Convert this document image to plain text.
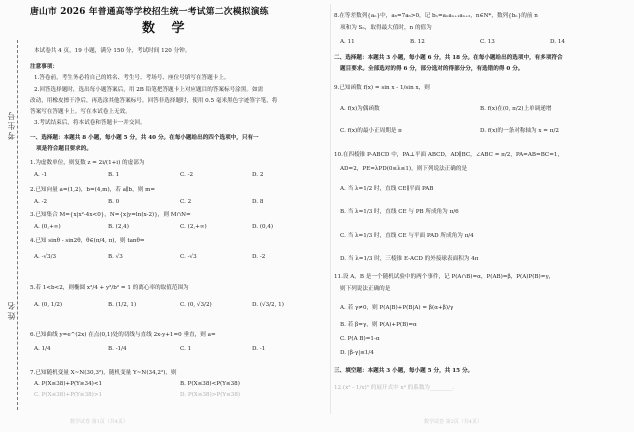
考生号
姓名
唐山市 2026 年普通高等学校招生统一考试第二次模拟演练
数 学
本试卷共 4 页，19 小题，满分 150 分，考试时间 120 分钟。
注意事项：
1.答卷前，考生务必将自己的姓名、考生号、考场号、座位号填写在答题卡上。
2.回答选择题时，选出每小题答案后，用 2B 铅笔把答题卡上对应题目的答案标号涂黑。如需
改动，用橡皮擦干净后，再选涂其他答案标号。回答非选择题时，使用 0.5 毫米黑色字迹签字笔，将
答案写在答题卡上。写在本试卷上无效。
3.考试结束后，将本试卷和答题卡一并交回。
一、选择题：本题共 8 小题，每小题 5 分，共 40 分。在每小题给出的四个选项中，只有一
项是符合题目要求的。
1.为虚数单位，则复数 z = 2i/(1+i) 的虚部为
A. -1	B. 1	C. -2	D. 2
2.已知向量 a=(1,2)，b=(4,m)，若 a∥b，则 m=
A. -2	B. 0	C. 2	D. 8
3.已知集合 M={x|x²-4x<0}，N={x|y=ln(x-2)}，则 M∩N=
A. (0,+∞)	B. (2,4)	C. (2,+∞)	D. (0,4)
4.已知 sinθ - sin2θ，θ∈(π/4, π)，则 tanθ=
A. -√3/3	B. √3	C. -√3	D. -2
5.若 1<b<2，则椭圆 x²/4 + y²/b² = 1 的离心率的取值范围为
A. (0, 1/2)	B. (1/2, 1)	C. (0, √3/2)	D. (√3/2, 1)
6.已知曲线 y=e^(2x) 在点(0,1)处的切线与直线 2x-y+1=0 垂直，则 a=
A. 1/4	B. -1/4	C. 1	D. -1
7.已知随机变量 X~N(30,3²)，随机变量 Y~N(34,2²)，则
A. P(X≤38)+P(Y≥34)<1	B. P(X≤38)<P(Y≤38)
C. P(X≤38)+P(Y≥38)>1	D. P(X≤38)>P(Y≤38)
数学试卷 第1页（共4页）
8.在等差数列{aₙ}中，a₆=7a₆>0，记 bₙ=aₙaₙ₊₁aₙ₊₂，n∈N*，数列{bₙ}的前 n
项和为 Sₙ，取得最大值时，n 的值为
A. 11	B. 12	C. 13	D. 14
二、选择题：本题共 3 小题，每小题 6 分，共 18 分。在每小题给出的选项中，有多项符合
题目要求。全部选对的得 6 分，部分选对的得部分分，有选错的得 0 分。
9.已知函数 f(x) = sin x - 1/sin x，则
A. f(x)为偶函数	B. f(x)在(0, π/2)上单调递增
C. f(x)的最小正周期是 π	D. f(x)的一条对称轴为 x = π/2
10.在四棱锥 P-ABCD 中，PA⊥平面 ABCD，AD∥BC，∠ABC = π/2，PA=AB=BC=1，
AD=2，PE=λPD(0≤λ≤1)，则下列说法正确的是
A. 当 λ=1/2 时，直线 CE∥平面 PAB
B. 当 λ=1/3 时，直线 CE 与 PB 所成角为 π/6
C. 当 λ=1/3 时，直线 CE 与平面 PAD 所成角为 π/4
D. 当 λ=1/3 时，三棱锥 E-ACD 的外接球表面积为 4π
11.设 A，B 是一个随机试验中的两个事件，记 P(A∩B)=α，P(AB)=β，P(A)P(B)=γ，
则下列说法正确的是
A. 若 γ≠0，则 P(A|B)+P(B|A) = β(α+β)/γ
B. 若 β=γ，则 P(A)+P(B)=α
C. P(A B)=1-α
D. |β-γ|≤1/4
三、填空题：本题共 3 小题，每小题 5 分，共 15 分。
12.(x² - 1/x)⁵ 的展开式中 x⁴ 的系数为________.
数学试卷 第2页（共4页）
